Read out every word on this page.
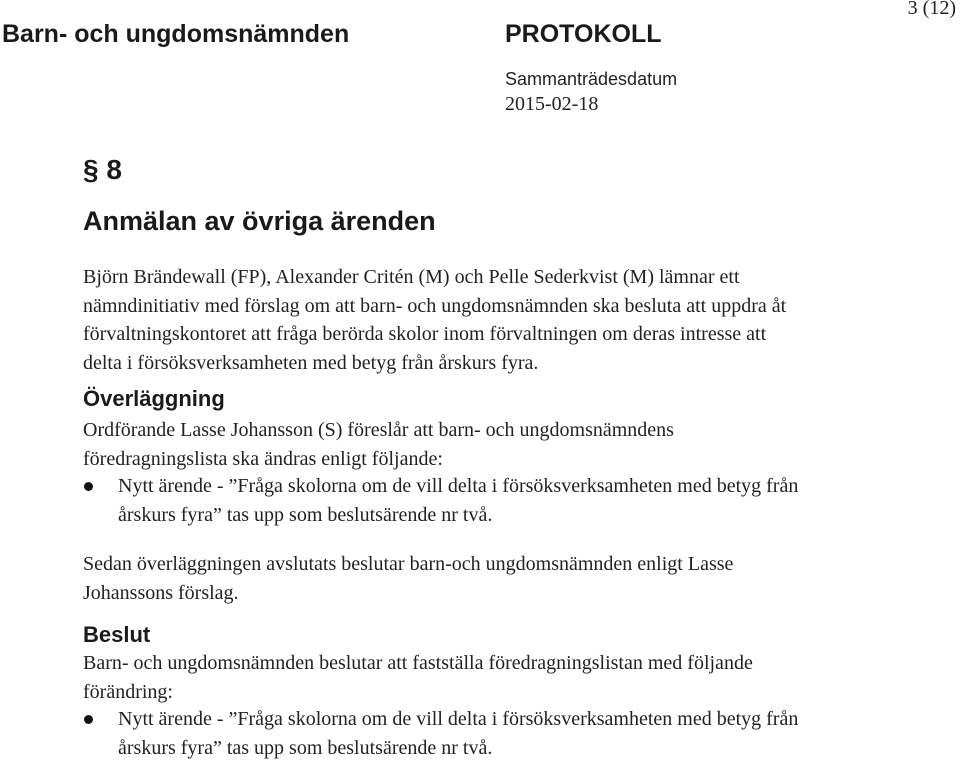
Barn- och ungdomsnämnden	PROTOKOLL
3 (12)
Sammanträdesdatum
2015-02-18
§ 8
Anmälan av övriga ärenden

Björn Brändewall (FP), Alexander Critén (M) och Pelle Sederkvist (M) lämnar ett nämndinitiativ med förslag om att barn- och ungdomsnämnden ska besluta att uppdra åt förvaltningskontoret att fråga berörda skolor inom förvaltningen om deras intresse att delta i försöksverksamheten med betyg från årskurs fyra.

Överläggning

Ordförande Lasse Johansson (S) föreslår att barn- och ungdomsnämndens föredragningslista ska ändras enligt följande:

Nytt ärende - ”Fråga skolorna om de vill delta i försöksverksamheten med betyg från årskurs fyra” tas upp som beslutsärende nr två.

Sedan överläggningen avslutats beslutar barn-och ungdomsnämnden enligt Lasse Johanssons förslag.

Beslut

Barn- och ungdomsnämnden beslutar att fastställa föredragningslistan med följande förändring:

Nytt ärende - ”Fråga skolorna om de vill delta i försöksverksamheten med betyg från årskurs fyra” tas upp som beslutsärende nr två.
